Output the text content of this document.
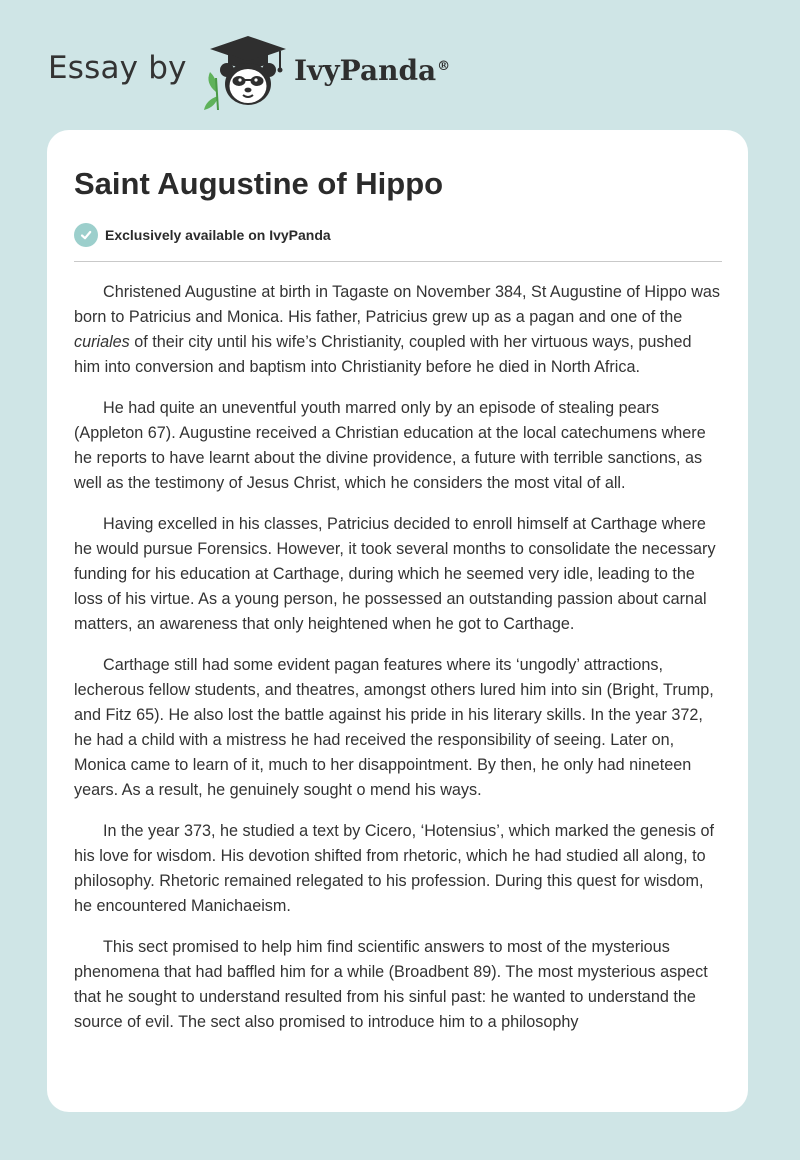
Essay by	IvyPanda®
Saint Augustine of Hippo
Exclusively available on IvyPanda

Christened Augustine at birth in Tagaste on November 384, St Augustine of Hippo was born to Patricius and Monica. His father, Patricius grew up as a pagan and one of the curiales of their city until his wife’s Christianity, coupled with her virtuous ways, pushed him into conversion and baptism into Christianity before he died in North Africa.

He had quite an uneventful youth marred only by an episode of stealing pears (Appleton 67). Augustine received a Christian education at the local catechumens where he reports to have learnt about the divine providence, a future with terrible sanctions, as well as the testimony of Jesus Christ, which he considers the most vital of all.

Having excelled in his classes, Patricius decided to enroll himself at Carthage where he would pursue Forensics. However, it took several months to consolidate the necessary funding for his education at Carthage, during which he seemed very idle, leading to the loss of his virtue. As a young person, he possessed an outstanding passion about carnal matters, an awareness that only heightened when he got to Carthage.

Carthage still had some evident pagan features where its ‘ungodly’ attractions, lecherous fellow students, and theatres, amongst others lured him into sin (Bright, Trump, and Fitz 65). He also lost the battle against his pride in his literary skills. In the year 372, he had a child with a mistress he had received the responsibility of seeing. Later on, Monica came to learn of it, much to her disappointment. By then, he only had nineteen years. As a result, he genuinely sought o mend his ways.

In the year 373, he studied a text by Cicero, ‘Hotensius’, which marked the genesis of his love for wisdom. His devotion shifted from rhetoric, which he had studied all along, to philosophy. Rhetoric remained relegated to his profession. During this quest for wisdom, he encountered Manichaeism.

This sect promised to help him find scientific answers to most of the mysterious phenomena that had baffled him for a while (Broadbent 89). The most mysterious aspect that he sought to understand resulted from his sinful past: he wanted to understand the source of evil. The sect also promised to introduce him to a philosophy
